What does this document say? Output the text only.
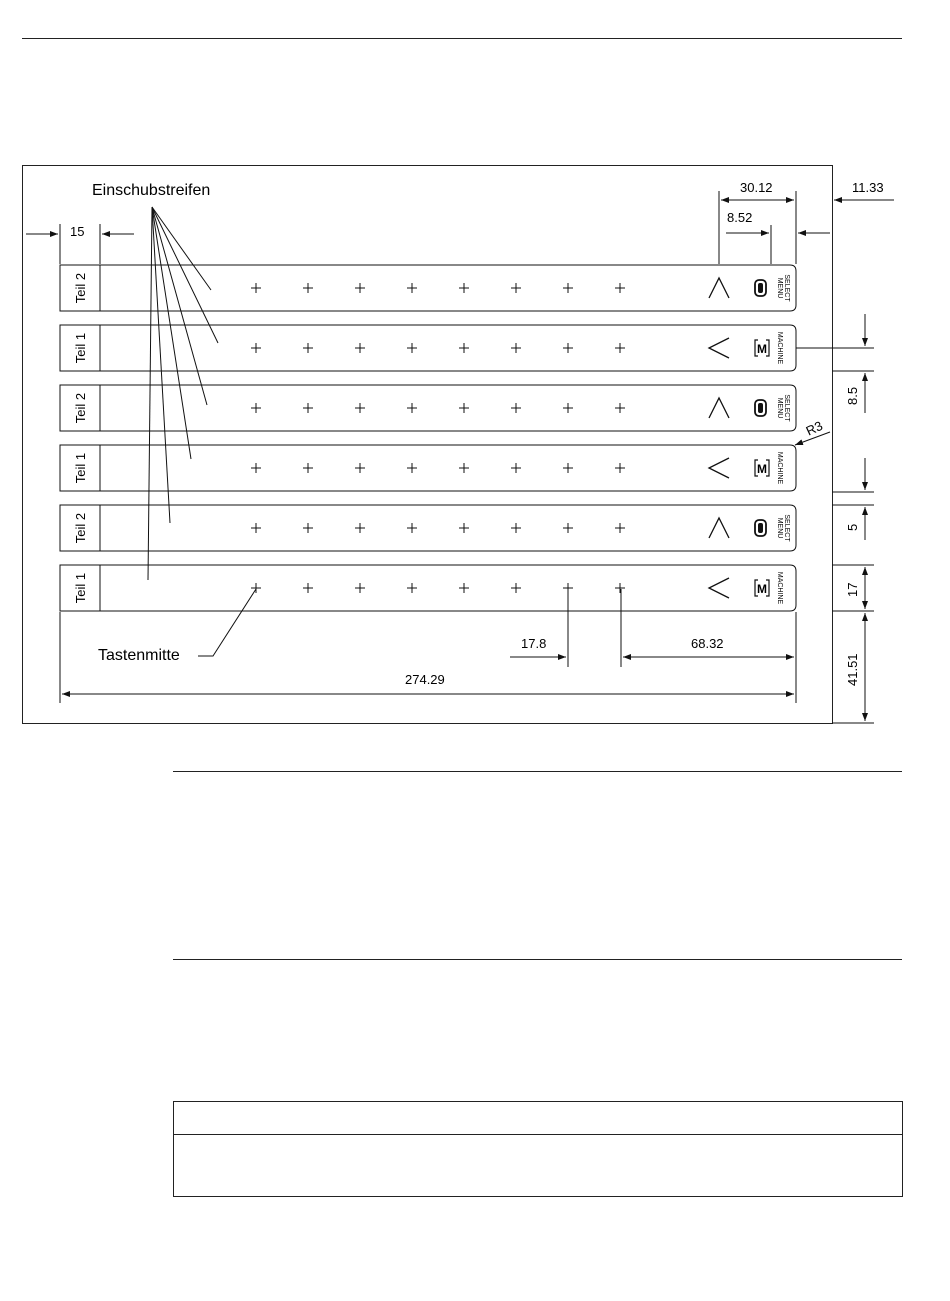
Teil 2	MENU SELECT
Teil 1	M MACHINE
Teil 2	MENU SELECT
Teil 1	M MACHINE
Teil 2	MENU SELECT
Teil 1	M MACHINE
Einschubstreifen
Tastenmitte
15
30.12
8.52
11.33
R3
8.5
5
17
41.51
17.8	68.32
274.29
